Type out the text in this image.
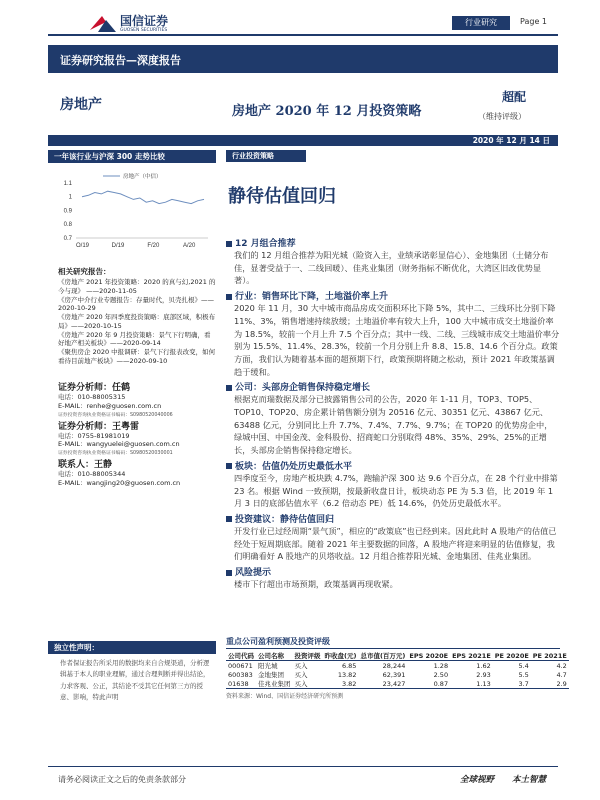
国信证券
GUOSEN SECURITIES
行业研究	Page 1
证券研究报告—深度报告
房地产	房地产 2020 年 12 月投资策略
超配
（维持评级）
2020 年 12 月 14 日
一年该行业与沪深 300 走势比较
1.1
1
0.9
0.8
0.7
O/19	D/19	F/20	A/20
房地产（中信）
相关研究报告：
《房地产 2021 年投资策略：2020 的真与幻,2021 的今与现》 ——2020-11-05
《房产中介行业专题报告：存量时代，贝壳扎根》——2020-10-29
《房地产 2020 年四季度投资策略：底部区域，积极布局》——2020-10-15
《房地产 2020 年 9 月投资策略：景气下行明确，看好地产相关板块》——2020-09-14
《聚焦房企 2020 中报调研：景气下行报表改变，如何看待目前地产板块》——2020-09-10
证券分析师：任鹤
电话：010-88005315
E-MAIL：renhe@guosen.com.cn
证券投资咨询执业资格证书编码：S0980520040006
证券分析师：王粤雷
电话：0755-81981019
E-MAIL：wangyuelei@guosen.com.cn
证券投资咨询执业资格证书编码：S0980520030001
联系人：王静
电话：010-88005344
E-MAIL：wangjing20@guosen.com.cn
独立性声明：
作者保证报告所采用的数据均来自合规渠道，分析逻辑基于本人的职业理解，通过合理判断并得出结论，力求客观、公正，其结论不受其它任何第三方的授意、影响，特此声明
行业投资策略
静待估值回归
12 月组合推荐
我们的 12 月组合推荐为阳光城（险资入主，业绩承诺彰显信心）、金地集团（土储分布佳，显著受益于一、二线回暖）、佳兆业集团（财务指标不断优化，大湾区旧改优势显著）。
行业：销售环比下降，土地溢价率上升
2020 年 11 月，30 大中城市商品房成交面积环比下降 5%，其中二、三线环比分别下降 11%、3%，销售增速持续放缓；土地溢价率有较大上升，100 大中城市成交土地溢价率为 18.5%，较前一个月上升 7.5 个百分点；其中一线、二线、三线城市成交土地溢价率分别为 15.5%、11.4%、28.3%，较前一个月分别上升 8.8、15.8、14.6 个百分点。政策方面，我们认为随着基本面的超预期下行，政策预期将随之松动，预计 2021 年政策基调趋于缓和。
公司：头部房企销售保持稳定增长
根据克而瑞数据及部分已披露销售公司的公告，2020 年 1-11 月，TOP3、TOP5、TOP10、TOP20、房企累计销售额分别为 20516 亿元、30351 亿元、43867 亿元、63488 亿元，分别同比上升 7.7%、7.4%、7.7%、9.7%；在 TOP20 的优势房企中，绿城中国、中国金茂、金科股份、招商蛇口分别取得 48%、35%、29%、25%的正增长，头部房企销售保持稳定增长。
板块：估值仍处历史最低水平
四季度至今，房地产板块跌 4.7%，跑输沪深 300 达 9.6 个百分点，在 28 个行业中排第 23 名。根据 Wind 一致预期，按最新收盘日计，板块动态 PE 为 5.3 倍，比 2019 年 1 月 3 日的底部估值水平（6.2 倍动态 PE）低 14.6%，仍处历史最低水平。
投资建议：静待估值回归
开发行业已过经周期“景气顶”，相应的“政策底”也已经到来。因此此时 A 股地产的估值已经处于短周期底部。随着 2021 年主要数据的回落，A 股地产将迎来明显的估值修复，我们明确看好 A 股地产的贝塔收益。12 月组合推荐阳光城、金地集团、佳兆业集团。
风险提示
楼市下行超出市场预期，政策基调再现收紧。
重点公司盈利预测及投资评级
公司代码	公司名称	投资评级	昨收盘(元)	总市值(百万元)	EPS 2020E	EPS 2021E	PE 2020E	PE 2021E
000671	阳光城	买入	6.85	28,244	1.28	1.62	5.4	4.2
600383	金地集团	买入	13.82	62,391	2.50	2.93	5.5	4.7
01638	佳兆业集团	买入	3.82	23,427	0.87	1.13	3.7	2.9
资料来源：Wind、国信证券经济研究所预测
请务必阅读正文之后的免责条款部分	全球视野 本土智慧
